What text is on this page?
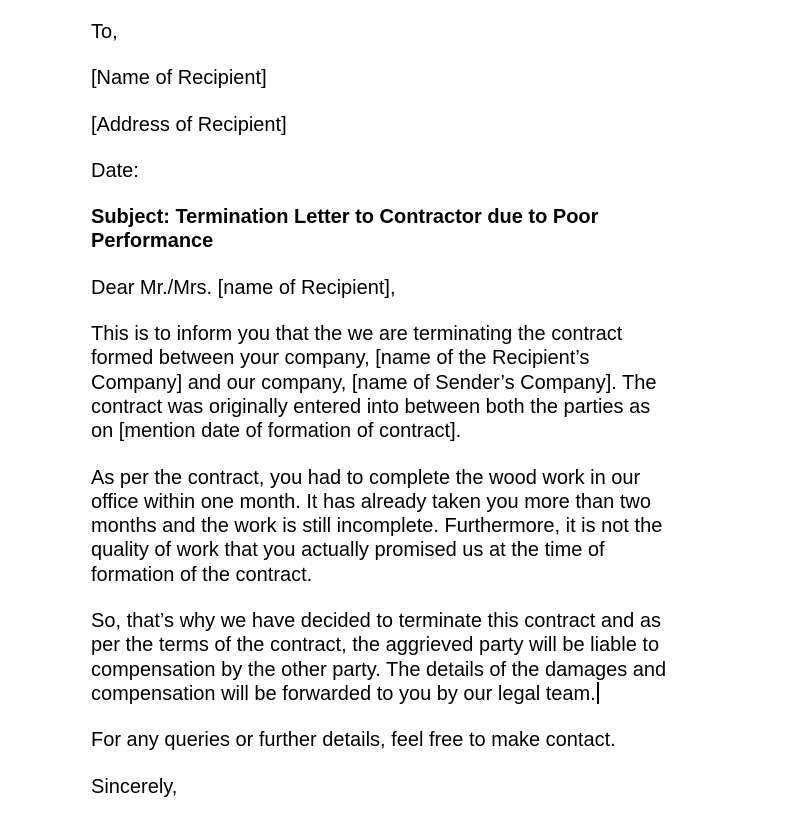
To,
[Name of Recipient]
[Address of Recipient]
Date:
Subject: Termination Letter to Contractor due to Poor
Performance
Dear Mr./Mrs. [name of Recipient],
This is to inform you that the we are terminating the contract
formed between your company, [name of the Recipient’s
Company] and our company, [name of Sender’s Company]. The
contract was originally entered into between both the parties as
on [mention date of formation of contract].
As per the contract, you had to complete the wood work in our
office within one month. It has already taken you more than two
months and the work is still incomplete. Furthermore, it is not the
quality of work that you actually promised us at the time of
formation of the contract.
So, that’s why we have decided to terminate this contract and as
per the terms of the contract, the aggrieved party will be liable to
compensation by the other party. The details of the damages and
compensation will be forwarded to you by our legal team.
For any queries or further details, feel free to make contact.
Sincerely,
